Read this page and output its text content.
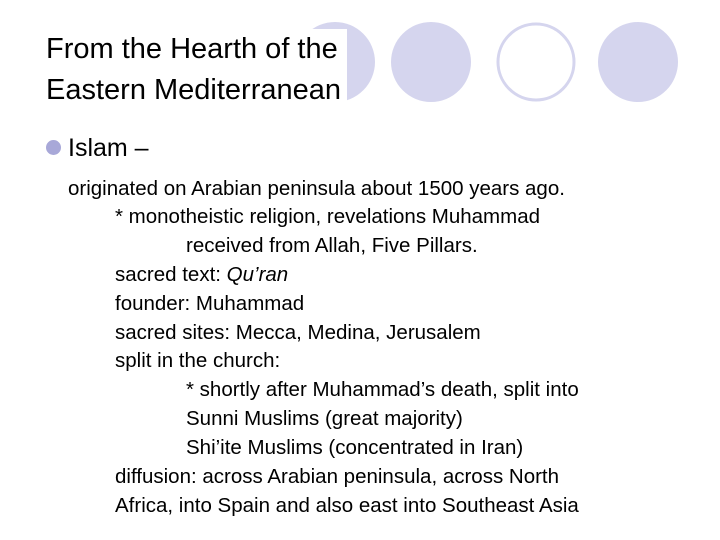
From the Hearth of the
Eastern Mediterranean
Islam –
originated on Arabian peninsula about 1500 years ago.
* monotheistic religion, revelations Muhammad
received from Allah, Five Pillars.
sacred text: Qu’ran
founder: Muhammad
sacred sites: Mecca, Medina, Jerusalem
split in the church:
* shortly after Muhammad’s death, split into
Sunni Muslims (great majority)
Shi’ite Muslims (concentrated in Iran)
diffusion: across Arabian peninsula, across North
Africa, into Spain and also east into Southeast Asia
